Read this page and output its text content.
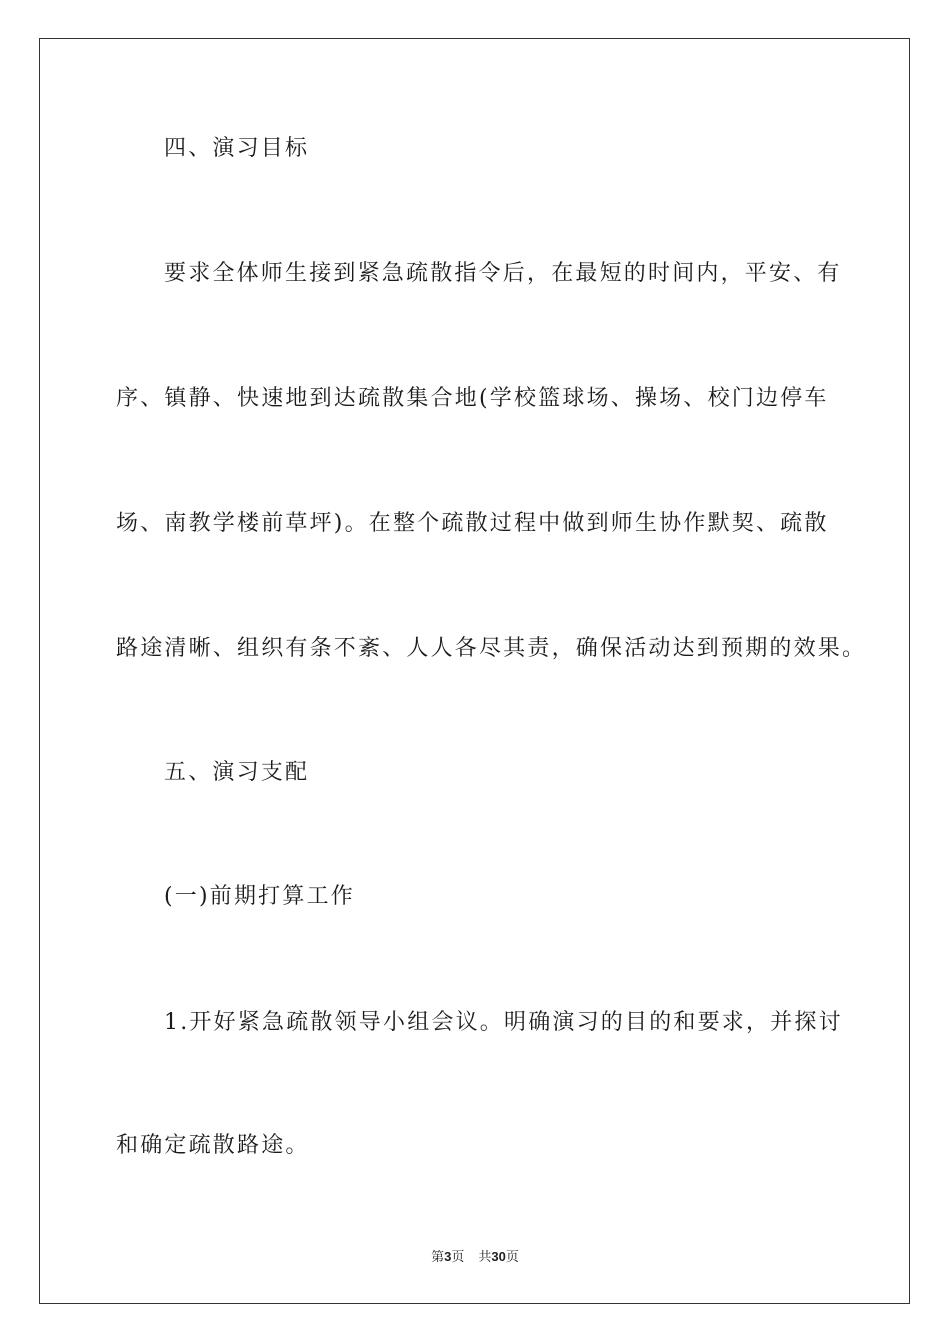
四、演习目标
要求全体师生接到紧急疏散指令后，在最短的时间内，平安、有
序、镇静、快速地到达疏散集合地(学校篮球场、操场、校门边停车
场、南教学楼前草坪)。在整个疏散过程中做到师生协作默契、疏散
路途清晰、组织有条不紊、人人各尽其责，确保活动达到预期的效果。
五、演习支配
(一)前期打算工作
1.开好紧急疏散领导小组会议。明确演习的目的和要求，并探讨
和确定疏散路途。
第3页 共30页
